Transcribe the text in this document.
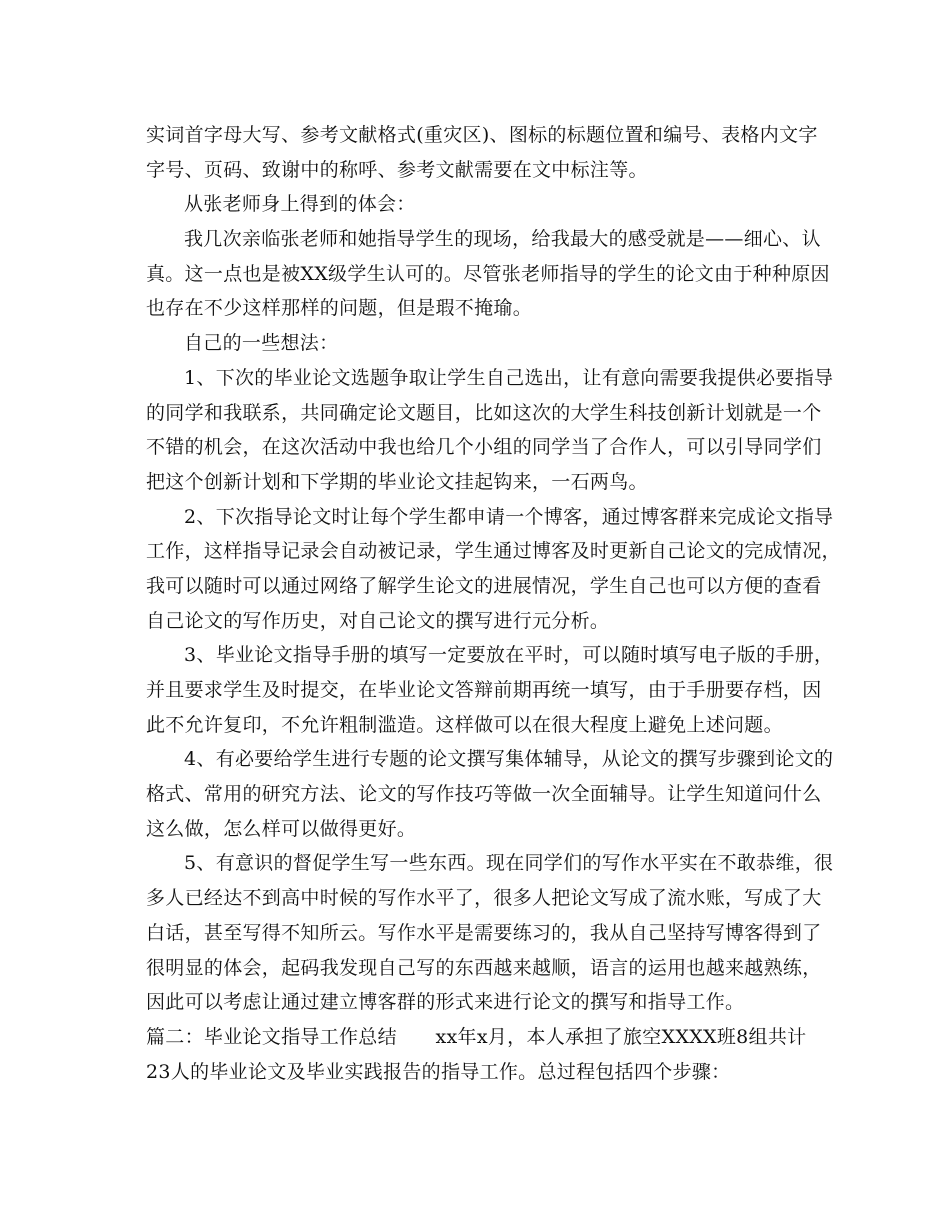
实词首字母大写、参考文献格式(重灾区)、图标的标题位置和编号、表格内文字
字号、页码、致谢中的称呼、参考文献需要在文中标注等。
从张老师身上得到的体会：
我几次亲临张老师和她指导学生的现场，给我最大的感受就是——细心、认
真。这一点也是被XX级学生认可的。尽管张老师指导的学生的论文由于种种原因
也存在不少这样那样的问题，但是瑕不掩瑜。
自己的一些想法：
1、下次的毕业论文选题争取让学生自己选出，让有意向需要我提供必要指导
的同学和我联系，共同确定论文题目，比如这次的大学生科技创新计划就是一个
不错的机会，在这次活动中我也给几个小组的同学当了合作人，可以引导同学们
把这个创新计划和下学期的毕业论文挂起钩来，一石两鸟。
2、下次指导论文时让每个学生都申请一个博客，通过博客群来完成论文指导
工作，这样指导记录会自动被记录，学生通过博客及时更新自己论文的完成情况，
我可以随时可以通过网络了解学生论文的进展情况，学生自己也可以方便的查看
自己论文的写作历史，对自己论文的撰写进行元分析。
3、毕业论文指导手册的填写一定要放在平时，可以随时填写电子版的手册，
并且要求学生及时提交，在毕业论文答辩前期再统一填写，由于手册要存档，因
此不允许复印，不允许粗制滥造。这样做可以在很大程度上避免上述问题。
4、有必要给学生进行专题的论文撰写集体辅导，从论文的撰写步骤到论文的
格式、常用的研究方法、论文的写作技巧等做一次全面辅导。让学生知道问什么
这么做，怎么样可以做得更好。
5、有意识的督促学生写一些东西。现在同学们的写作水平实在不敢恭维，很
多人已经达不到高中时候的写作水平了，很多人把论文写成了流水账，写成了大
白话，甚至写得不知所云。写作水平是需要练习的，我从自己坚持写博客得到了
很明显的体会，起码我发现自己写的东西越来越顺，语言的运用也越来越熟练，
因此可以考虑让通过建立博客群的形式来进行论文的撰写和指导工作。
篇二：毕业论文指导工作总结　　xx年x月，本人承担了旅空XXXX班8组共计
23人的毕业论文及毕业实践报告的指导工作。总过程包括四个步骤：
